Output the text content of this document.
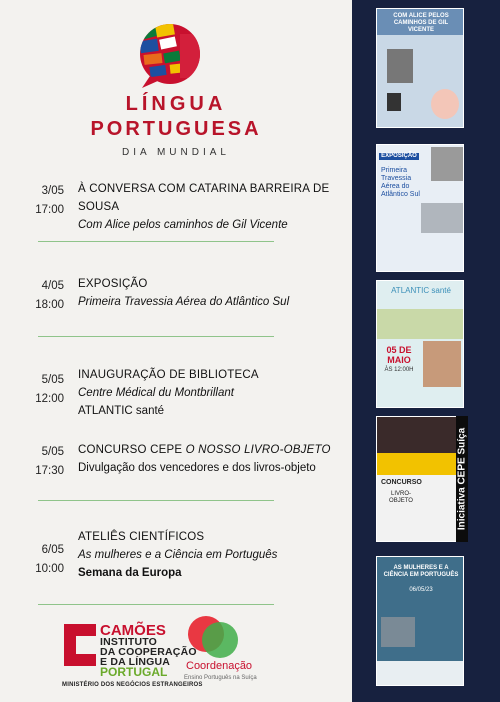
LÍNGUA
PORTUGUESA
DIA MUNDIAL
3/05
17:00
À CONVERSA COM CATARINA BARREIRA DE SOUSA
Com Alice pelos caminhos de Gil Vicente
4/05
18:00
EXPOSIÇÃO
Primeira Travessia Aérea do Atlântico Sul
5/05
12:00
INAUGURAÇÃO DE BIBLIOTECA
Centre Médical du Montbrillant
ATLANTIC santé
5/05
17:30
CONCURSO CEPE O NOSSO LIVRO-OBJETO
Divulgação dos vencedores e dos livros-objeto
6/05
10:00
ATELIÊS CIENTÍFICOS
As mulheres e a Ciência em Português
Semana da Europa
CAMÕES
INSTITUTO
DA COOPERAÇÃO
E DA LÍNGUA
PORTUGAL
MINISTÉRIO DOS NEGÓCIOS ESTRANGEIROS
Coordenação
Ensino Português na Suíça
COM ALICE PELOS CAMINHOS DE GIL VICENTE
EXPOSIÇÃO
Primeira Travessia Aérea do Atlântico Sul
ATLANTIC santé
05 DE MAIO
ÀS 12:00H
CONCURSO
LIVRO-OBJETO	Iniciativa CEPE Suíça
AS MULHERES E A CIÊNCIA EM PORTUGUÊS
06/05/23
